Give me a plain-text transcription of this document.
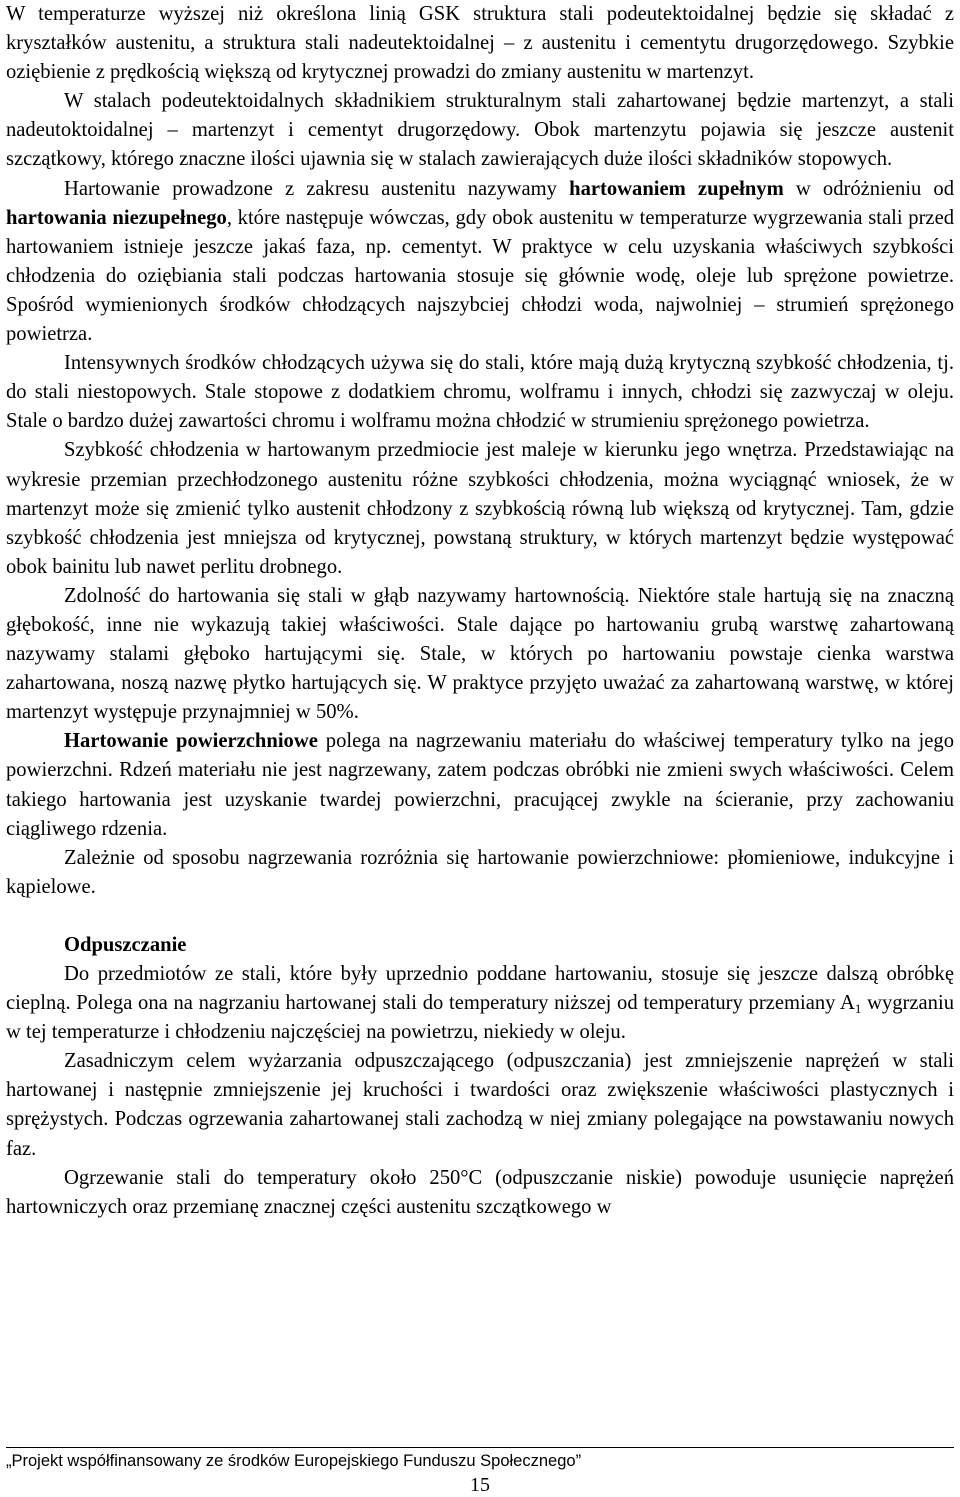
W temperaturze wyższej niż określona linią GSK struktura stali podeutektoidalnej będzie się składać z kryształków austenitu, a struktura stali nadeutektoidalnej – z austenitu i cementytu drugorzędowego. Szybkie oziębienie z prędkością większą od krytycznej prowadzi do zmiany austenitu w martenzyt.

W stalach podeutektoidalnych składnikiem strukturalnym stali zahartowanej będzie martenzyt, a stali nadeutoktoidalnej – martenzyt i cementyt drugorzędowy. Obok martenzytu pojawia się jeszcze austenit szczątkowy, którego znaczne ilości ujawnia się w stalach zawierających duże ilości składników stopowych.

Hartowanie prowadzone z zakresu austenitu nazywamy hartowaniem zupełnym w odróżnieniu od hartowania niezupełnego, które następuje wówczas, gdy obok austenitu w temperaturze wygrzewania stali przed hartowaniem istnieje jeszcze jakaś faza, np. cementyt. W praktyce w celu uzyskania właściwych szybkości chłodzenia do oziębiania stali podczas hartowania stosuje się głównie wodę, oleje lub sprężone powietrze. Spośród wymienionych środków chłodzących najszybciej chłodzi woda, najwolniej – strumień sprężonego powietrza.

Intensywnych środków chłodzących używa się do stali, które mają dużą krytyczną szybkość chłodzenia, tj. do stali niestopowych. Stale stopowe z dodatkiem chromu, wolframu i innych, chłodzi się zazwyczaj w oleju. Stale o bardzo dużej zawartości chromu i wolframu można chłodzić w strumieniu sprężonego powietrza.

Szybkość chłodzenia w hartowanym przedmiocie jest maleje w kierunku jego wnętrza. Przedstawiając na wykresie przemian przechłodzonego austenitu różne szybkości chłodzenia, można wyciągnąć wniosek, że w martenzyt może się zmienić tylko austenit chłodzony z szybkością równą lub większą od krytycznej. Tam, gdzie szybkość chłodzenia jest mniejsza od krytycznej, powstaną struktury, w których martenzyt będzie występować obok bainitu lub nawet perlitu drobnego.

Zdolność do hartowania się stali w głąb nazywamy hartownością. Niektóre stale hartują się na znaczną głębokość, inne nie wykazują takiej właściwości. Stale dające po hartowaniu grubą warstwę zahartowaną nazywamy stalami głęboko hartującymi się. Stale, w których po hartowaniu powstaje cienka warstwa zahartowana, noszą nazwę płytko hartujących się. W praktyce przyjęto uważać za zahartowaną warstwę, w której martenzyt występuje przynajmniej w 50%.

Hartowanie powierzchniowe polega na nagrzewaniu materiału do właściwej temperatury tylko na jego powierzchni. Rdzeń materiału nie jest nagrzewany, zatem podczas obróbki nie zmieni swych właściwości. Celem takiego hartowania jest uzyskanie twardej powierzchni, pracującej zwykle na ścieranie, przy zachowaniu ciągliwego rdzenia.

Zależnie od sposobu nagrzewania rozróżnia się hartowanie powierzchniowe: płomieniowe, indukcyjne i kąpielowe.

Odpuszczanie

Do przedmiotów ze stali, które były uprzednio poddane hartowaniu, stosuje się jeszcze dalszą obróbkę cieplną. Polega ona na nagrzaniu hartowanej stali do temperatury niższej od temperatury przemiany $A_1$ wygrzaniu w tej temperaturze i chłodzeniu najczęściej na powietrzu, niekiedy w oleju.

Zasadniczym celem wyżarzania odpuszczającego (odpuszczania) jest zmniejszenie naprężeń w stali hartowanej i następnie zmniejszenie jej kruchości i twardości oraz zwiększenie właściwości plastycznych i sprężystych. Podczas ogrzewania zahartowanej stali zachodzą w niej zmiany polegające na powstawaniu nowych faz.

Ogrzewanie stali do temperatury około 250°C (odpuszczanie niskie) powoduje usunięcie naprężeń hartowniczych oraz przemianę znacznej części austenitu szczątkowego w

„Projekt współfinansowany ze środków Europejskiego Funduszu Społecznego”
15
